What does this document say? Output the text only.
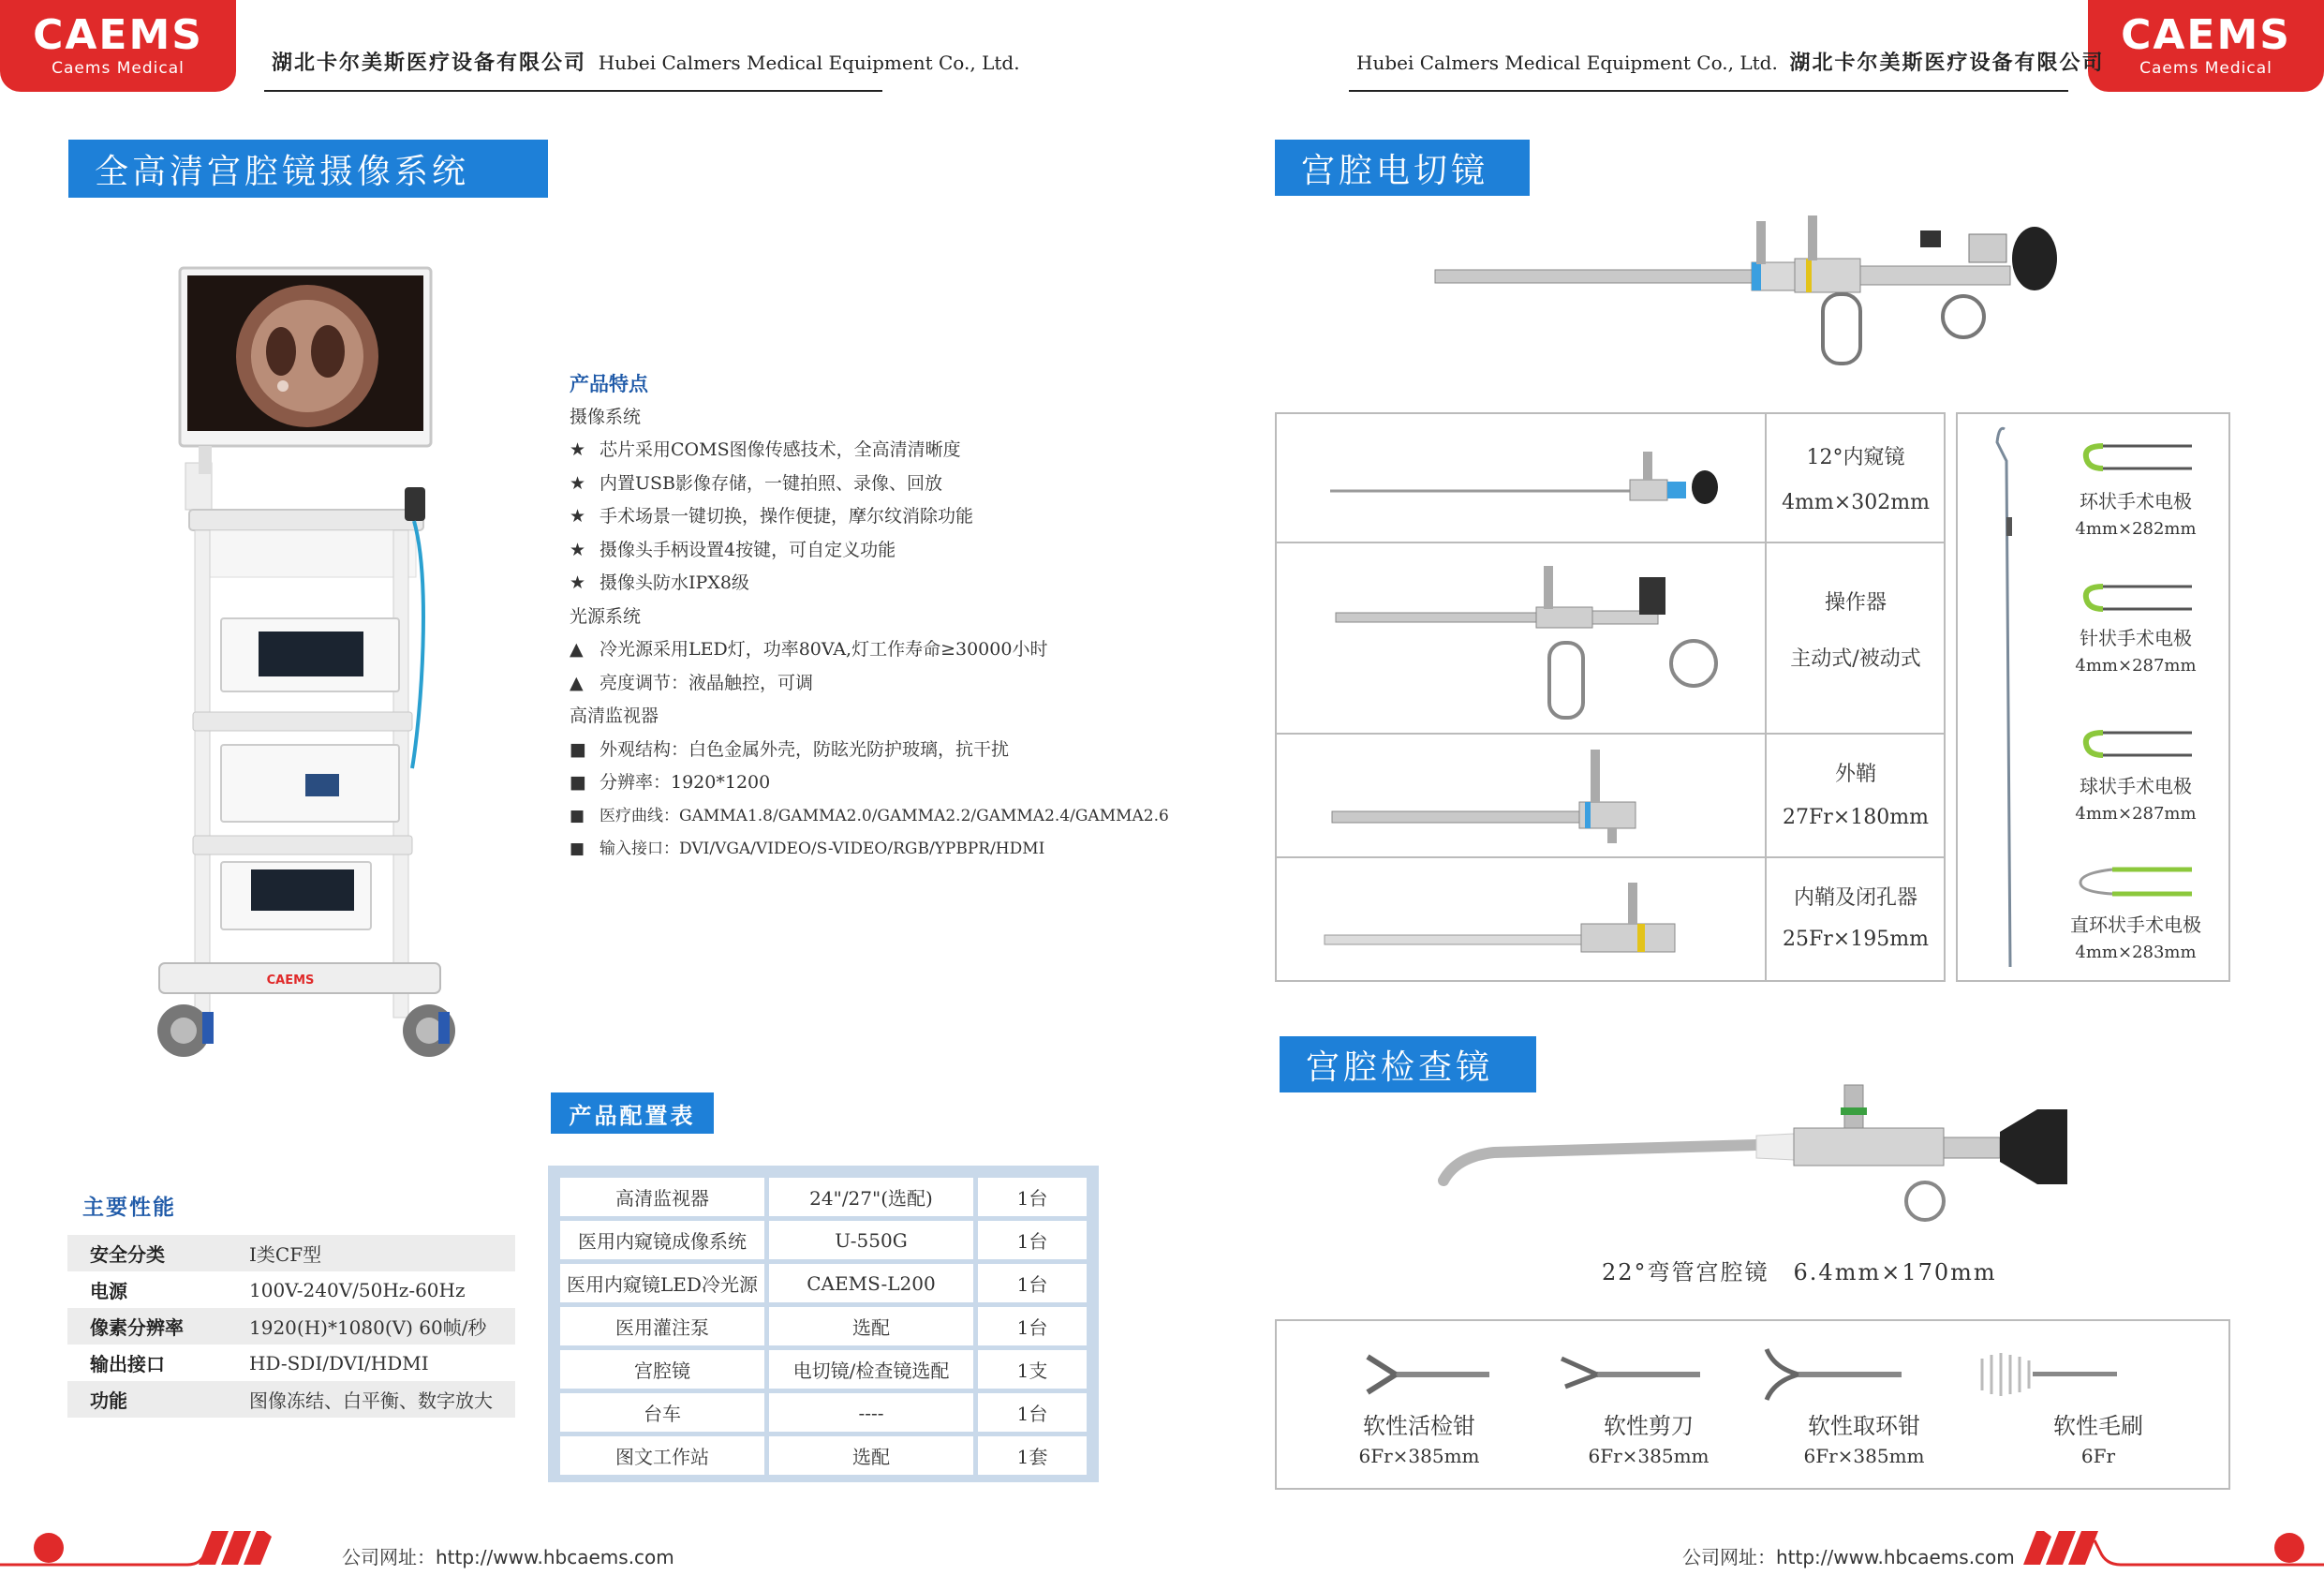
CAEMS
Caems Medical	湖北卡尔美斯医疗设备有限公司 Hubei Calmers Medical Equipment Co., Ltd.
CAEMS
Caems Medical
Hubei Calmers Medical Equipment Co., Ltd. 湖北卡尔美斯医疗设备有限公司
全高清宫腔镜摄像系统
CAEMS
产品特点
摄像系统
★ 芯片采用COMS图像传感技术，全高清清晰度
★ 内置USB影像存储，一键拍照、录像、回放
★ 手术场景一键切换，操作便捷，摩尔纹消除功能
★ 摄像头手柄设置4按键，可自定义功能
★ 摄像头防水IPX8级
光源系统
▲ 冷光源采用LED灯，功率80VA,灯工作寿命≥30000小时
▲ 亮度调节：液晶触控，可调
高清监视器
■ 外观结构：白色金属外壳，防眩光防护玻璃，抗干扰
■ 分辨率：1920*1200
■ 医疗曲线：GAMMA1.8/GAMMA2.0/GAMMA2.2/GAMMA2.4/GAMMA2.6
■ 输入接口：DVI/VGA/VIDEO/S-VIDEO/RGB/YPBPR/HDMI
产品配置表
高清监视器	24"/27"(选配)	1台
医用内窥镜成像系统	U-550G	1台
医用内窥镜LED冷光源	CAEMS-L200	1台
医用灌注泵	选配	1台
宫腔镜	电切镜/检查镜选配	1支
台车	----	1台
图文工作站	选配	1套
主要性能
安全分类	I类CF型
电源	100V-240V/50Hz-60Hz
像素分辨率	1920(H)*1080(V) 60帧/秒
输出接口	HD-SDI/DVI/HDMI
功能	图像冻结、白平衡、数字放大
公司网址：http://www.hbcaems.com
宫腔电切镜
12°内窥镜
4mm×302mm
操作器
主动式/被动式
外鞘
27Fr×180mm
内鞘及闭孔器
25Fr×195mm
环状手术电极
4mm×282mm
针状手术电极
4mm×287mm
球状手术电极
4mm×287mm
直环状手术电极
4mm×283mm
宫腔检查镜
22°弯管宫腔镜　6.4mm×170mm
软性活检钳
6Fr×385mm
软性剪刀
6Fr×385mm
软性取环钳
6Fr×385mm
软性毛刷
6Fr
公司网址：http://www.hbcaems.com
